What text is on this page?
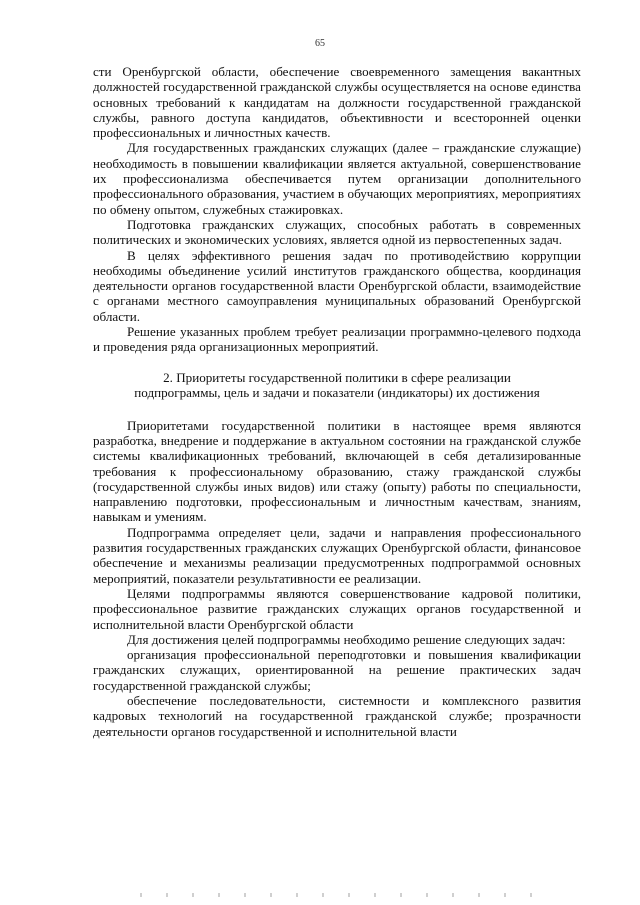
65

сти Оренбургской области, обеспечение своевременного замещения вакантных должностей государственной гражданской службы осуществляется на основе единства основных требований к кандидатам на должности государственной гражданской службы, равного доступа кандидатов, объективности и всесторонней оценки профессиональных и личностных качеств.

Для государственных гражданских служащих (далее – гражданские служащие) необходимость в повышении квалификации является актуальной, совершенствование их профессионализма обеспечивается путем организации дополнительного профессионального образования, участием в обучающих мероприятиях, мероприятиях по обмену опытом, служебных стажировках.

Подготовка гражданских служащих, способных работать в современных политических и экономических условиях, является одной из первостепенных задач.

В целях эффективного решения задач по противодействию коррупции необходимы объединение усилий институтов гражданского общества, координация деятельности органов государственной власти Оренбургской области, взаимодействие с органами местного самоуправления муниципальных образований Оренбургской области.

Решение указанных проблем требует реализации программно-целевого подхода и проведения ряда организационных мероприятий.

2. Приоритеты государственной политики в сфере реализации
подпрограммы, цель и задачи и показатели (индикаторы) их достижения

Приоритетами государственной политики в настоящее время являются разработка, внедрение и поддержание в актуальном состоянии на гражданской службе системы квалификационных требований, включающей в себя детализированные требования к профессиональному образованию, стажу гражданской службы (государственной службы иных видов) или стажу (опыту) работы по специальности, направлению подготовки, профессиональным и личностным качествам, знаниям, навыкам и умениям.

Подпрограмма определяет цели, задачи и направления профессионального развития государственных гражданских служащих Оренбургской области, финансовое обеспечение и механизмы реализации предусмотренных подпрограммой основных мероприятий, показатели результативности ее реализации.

Целями подпрограммы являются совершенствование кадровой политики, профессиональное развитие гражданских служащих органов государственной и исполнительной власти Оренбургской области

Для достижения целей подпрограммы необходимо решение следующих задач:

организация профессиональной переподготовки и повышения квалификации гражданских служащих, ориентированной на решение практических задач государственной гражданской службы;

обеспечение последовательности, системности и комплексного развития кадровых технологий на государственной гражданской службе; прозрачности деятельности органов государственной и исполнительной власти
